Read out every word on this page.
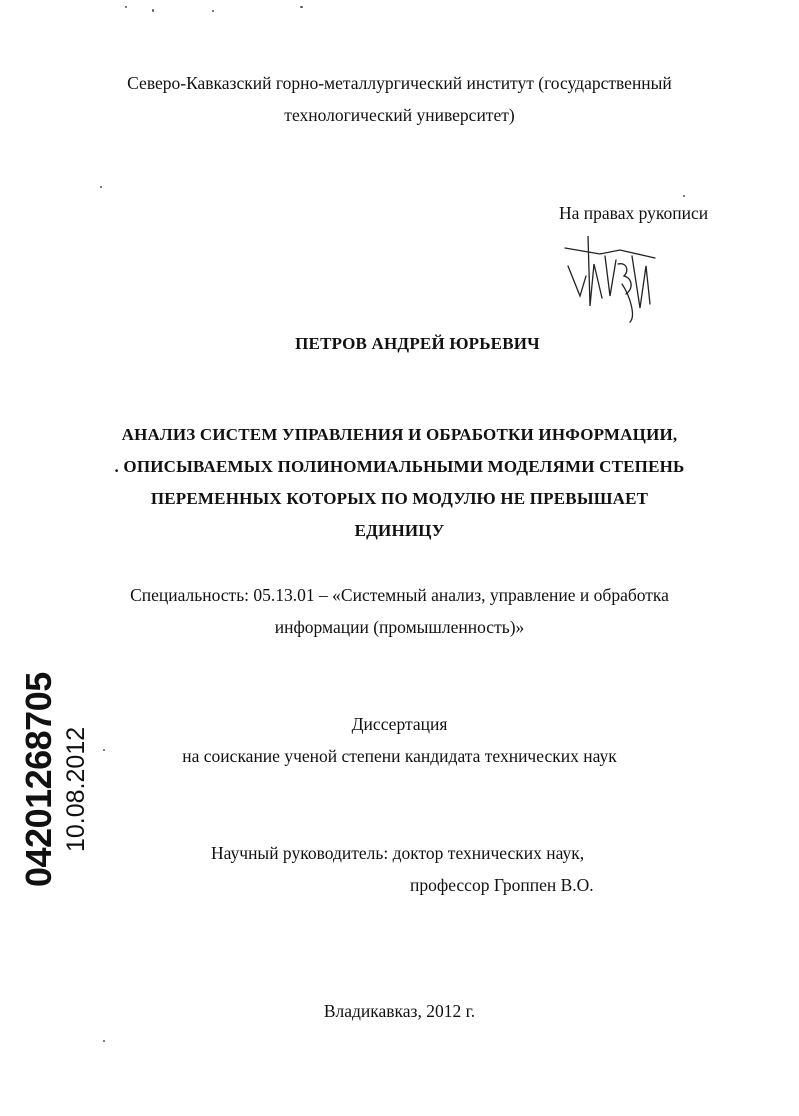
Северо-Кавказский горно-металлургический институт (государственный
технологический университет)
На правах рукописи
ПЕТРОВ АНДРЕЙ ЮРЬЕВИЧ
АНАЛИЗ СИСТЕМ УПРАВЛЕНИЯ И ОБРАБОТКИ ИНФОРМАЦИИ,
. ОПИСЫВАЕМЫХ ПОЛИНОМИАЛЬНЫМИ МОДЕЛЯМИ СТЕПЕНЬ
ПЕРЕМЕННЫХ КОТОРЫХ ПО МОДУЛЮ НЕ ПРЕВЫШАЕТ
ЕДИНИЦУ
Специальность: 05.13.01 – «Системный анализ, управление и обработка
информации (промышленность)»
Диссертация
на соискание ученой степени кандидата технических наук
Научный руководитель: доктор технических наук,
профессор Гроппен В.О.
Владикавказ, 2012 г.
04201268705 10.08.2012
